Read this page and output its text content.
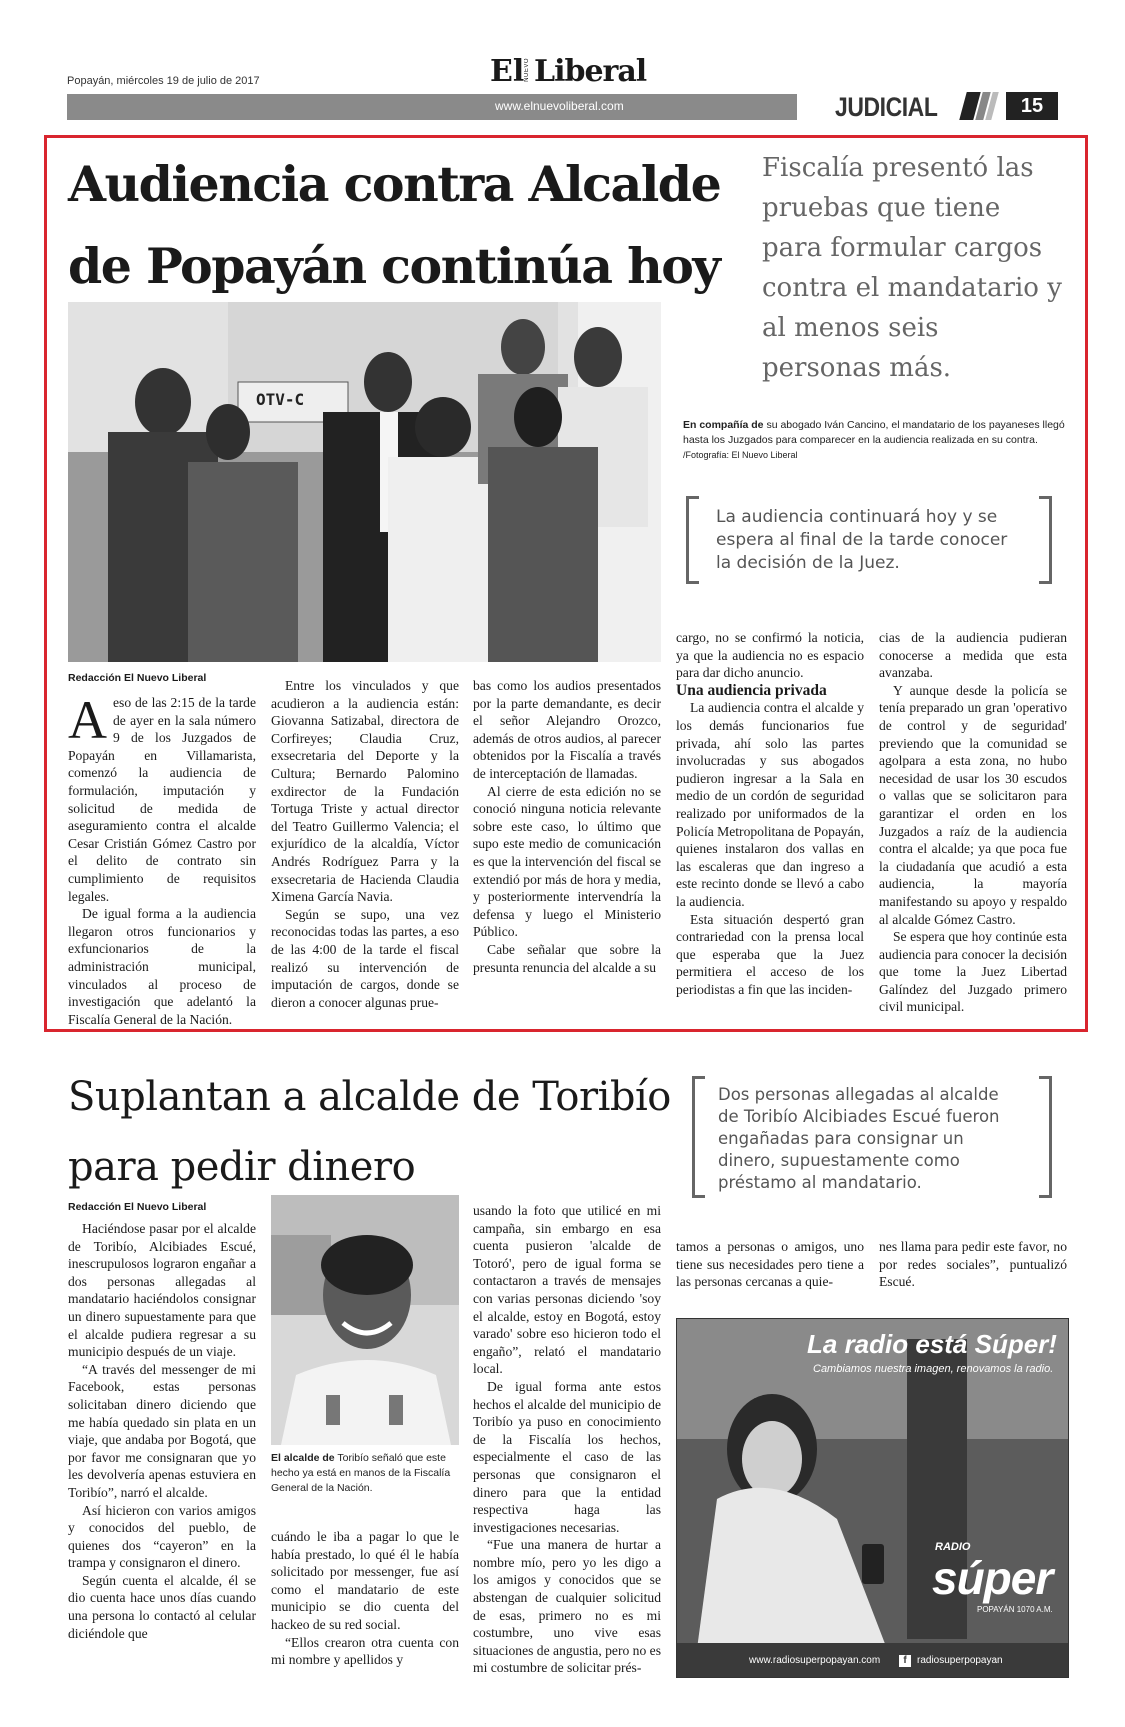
Popayán, miércoles 19 de julio de 2017	El NUEVO Liberal
www.elnuevoliberal.com	JUDICIAL	15
Audiencia contra Alcalde
de Popayán continúa hoy
Fiscalía presentó las pruebas que tiene para formular cargos contra el mandatario y al menos seis personas más.
OTV-C
En compañía de su abogado Iván Cancino, el mandatario de los payaneses llegó hasta los Juzgados para comparecer en la audiencia realizada en su contra. /Fotografía: El Nuevo Liberal
La audiencia continuará hoy y se espera al final de la tarde conocer la decisión de la Juez.
Redacción El Nuevo Liberal

Aeso de las 2:15 de la tarde de ayer en la sala número 9 de los Juzgados de Popayán en Villamarista, comenzó la audiencia de formulación, imputación y solicitud de medida de aseguramiento contra el alcalde Cesar Cristián Gómez Castro por el delito de contrato sin cumplimiento de requisitos legales.

De igual forma a la audiencia llegaron otros funcionarios y exfuncionarios de la administración municipal, vinculados al proceso de investigación que adelantó la Fiscalía General de la Nación.

Entre los vinculados y que acudieron a la audiencia están: Giovanna Satizabal, directora de Corfireyes; Claudia Cruz, exsecretaria del Deporte y la Cultura; Bernardo Palomino exdirector de la Fundación Tortuga Triste y actual director del Teatro Guillermo Valencia; el exjurídico de la alcaldía, Víctor Andrés Rodríguez Parra y la exsecretaria de Hacienda Claudia Ximena García Navia.

Según se supo, una vez reconocidas todas las partes, a eso de las 4:00 de la tarde el fiscal realizó su intervención de imputación de cargos, donde se dieron a conocer algunas prue-

bas como los audios presentados por la parte demandante, es decir el señor Alejandro Orozco, además de otros audios, al parecer obtenidos por la Fiscalía a través de interceptación de llamadas.

Al cierre de esta edición no se conoció ninguna noticia relevante sobre este caso, lo último que supo este medio de comunicación es que la intervención del fiscal se extendió por más de hora y media, y posteriormente intervendría la defensa y luego el Ministerio Público.

Cabe señalar que sobre la presunta renuncia del alcalde a su

cargo, no se confirmó la noticia, ya que la audiencia no es espacio para dar dicho anuncio.

Una audiencia privada

La audiencia contra el alcalde y los demás funcionarios fue privada, ahí solo las partes involucradas y sus abogados pudieron ingresar a la Sala en medio de un cordón de seguridad realizado por uniformados de la Policía Metropolitana de Popayán, quienes instalaron dos vallas en las escaleras que dan ingreso a este recinto donde se llevó a cabo la audiencia.

Esta situación despertó gran contrariedad con la prensa local que esperaba que la Juez permitiera el acceso de los periodistas a fin que las inciden-

cias de la audiencia pudieran conocerse a medida que esta avanzaba.

Y aunque desde la policía se tenía preparado un gran 'operativo de control y de seguridad' previendo que la comunidad se agolpara a esta zona, no hubo necesidad de usar los 30 escudos o vallas que se solicitaron para garantizar el orden en los Juzgados a raíz de la audiencia contra el alcalde; ya que poca fue la ciudadanía que acudió a esta audiencia, la mayoría manifestando su apoyo y respaldo al alcalde Gómez Castro.

Se espera que hoy continúe esta audiencia para conocer la decisión que tome la Juez Libertad Galíndez del Juzgado primero civil municipal.

Suplantan a alcalde de Toribío
para pedir dinero
Dos personas allegadas al alcalde de Toribío Alcibiades Escué fueron engañadas para consignar un dinero, supuestamente como préstamo al mandatario.
Redacción El Nuevo Liberal

Haciéndose pasar por el alcalde de Toribío, Alcibiades Escué, inescrupulosos lograron engañar a dos personas allegadas al mandatario haciéndolos consignar un dinero supuestamente para que el alcalde pudiera regresar a su municipio después de un viaje.

“A través del messenger de mi Facebook, estas personas solicitaban dinero diciendo que me había quedado sin plata en un viaje, que andaba por Bogotá, que por favor me consignaran que yo les devolvería apenas estuviera en Toribío”, narró el alcalde.

Así hicieron con varios amigos y conocidos del pueblo, de quienes dos “cayeron” en la trampa y consignaron el dinero.

Según cuenta el alcalde, él se dio cuenta hace unos días cuando una persona lo contactó al celular diciéndole que

El alcalde de Toribío señaló que este hecho ya está en manos de la Fiscalía General de la Nación.

cuándo le iba a pagar lo que le había prestado, lo qué él le había solicitado por messenger, fue así como el mandatario de este municipio se dio cuenta del hackeo de su red social.

“Ellos crearon otra cuenta con mi nombre y apellidos y

usando la foto que utilicé en mi campaña, sin embargo en esa cuenta pusieron 'alcalde de Totoró', pero de igual forma se contactaron a través de mensajes con varias personas diciendo 'soy el alcalde, estoy en Bogotá, estoy varado' sobre eso hicieron todo el engaño”, relató el mandatario local.

De igual forma ante estos hechos el alcalde del municipio de Toribío ya puso en conocimiento de la Fiscalía los hechos, especialmente el caso de las personas que consignaron el dinero para que la entidad respectiva haga las investigaciones necesarias.

“Fue una manera de hurtar a nombre mío, pero yo les digo a los amigos y conocidos que se abstengan de cualquier solicitud de esas, primero no es mi costumbre, uno vive esas situaciones de angustia, pero no es mi costumbre de solicitar prés-

tamos a personas o amigos, uno tiene sus necesidades pero tiene a las personas cercanas a quie-

nes llama para pedir este favor, no por redes sociales”, puntualizó Escué.

La radio está Súper!
Cambiamos nuestra imagen, renovamos la radio.
RADIO
súper
POPAYÁN 1070 A.M.
www.radiosuperpopayan.com	f	radiosuperpopayan
